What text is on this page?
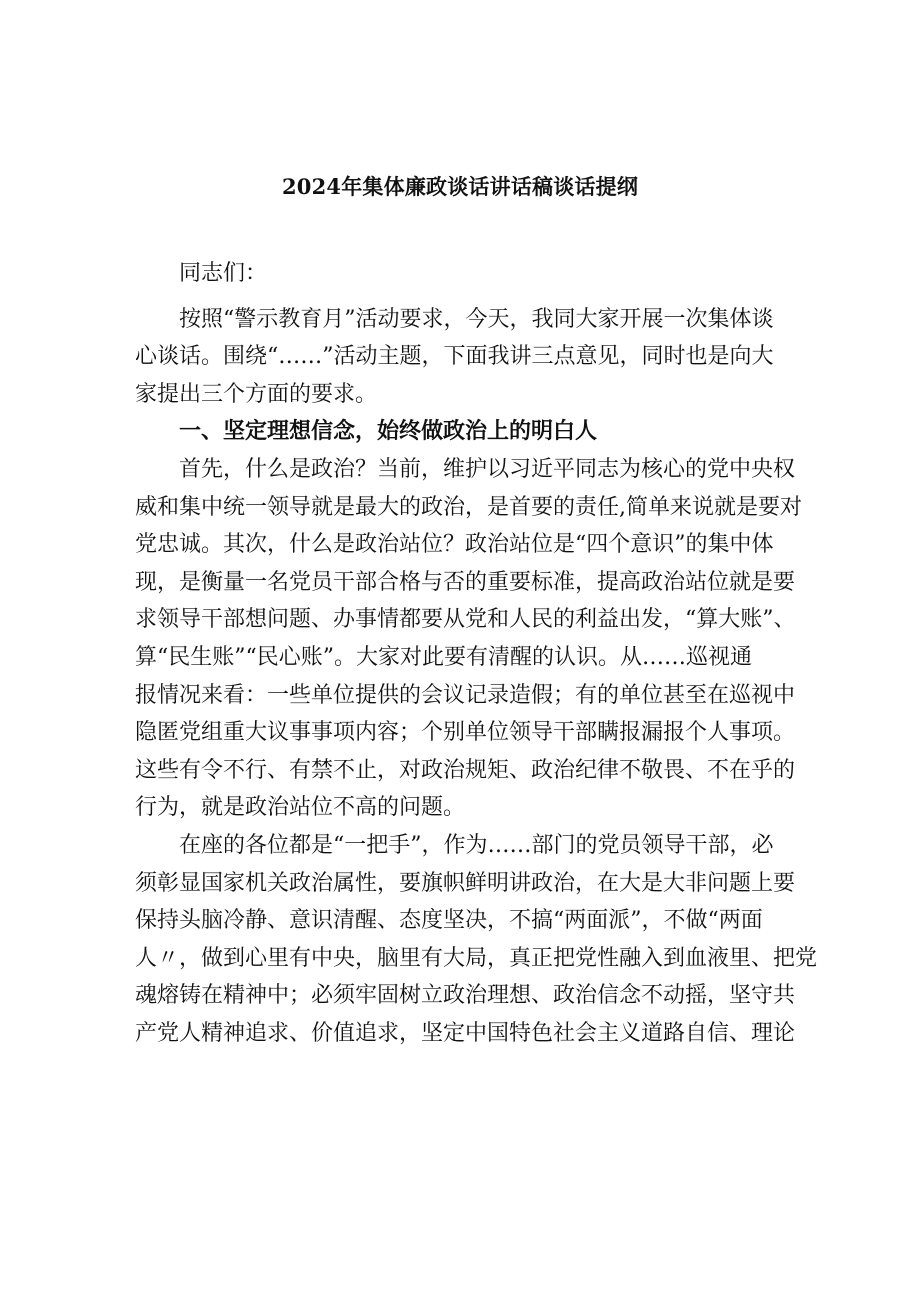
2024年集体廉政谈话讲话稿谈话提纲
同志们：
按照“警示教育月”活动要求，今天，我同大家开展一次集体谈
心谈话。围绕“……”活动主题，下面我讲三点意见，同时也是向大
家提出三个方面的要求。
一、坚定理想信念，始终做政治上的明白人
首先，什么是政治？当前，维护以习近平同志为核心的党中央权
威和集中统一领导就是最大的政治，是首要的责任,简单来说就是要对
党忠诚。其次，什么是政治站位？政治站位是“四个意识”的集中体
现，是衡量一名党员干部合格与否的重要标准，提高政治站位就是要
求领导干部想问题、办事情都要从党和人民的利益出发，“算大账”、
算“民生账”“民心账”。大家对此要有清醒的认识。从……巡视通
报情况来看：一些单位提供的会议记录造假；有的单位甚至在巡视中
隐匿党组重大议事事项内容；个别单位领导干部瞒报漏报个人事项。
这些有令不行、有禁不止，对政治规矩、政治纪律不敬畏、不在乎的
行为，就是政治站位不高的问题。
在座的各位都是“一把手”，作为……部门的党员领导干部，必
须彰显国家机关政治属性，要旗帜鲜明讲政治，在大是大非问题上要
保持头脑冷静、意识清醒、态度坚决，不搞“两面派”，不做“两面
人〃，做到心里有中央，脑里有大局，真正把党性融入到血液里、把党
魂熔铸在精神中；必须牢固树立政治理想、政治信念不动摇，坚守共
产党人精神追求、价值追求，坚定中国特色社会主义道路自信、理论
